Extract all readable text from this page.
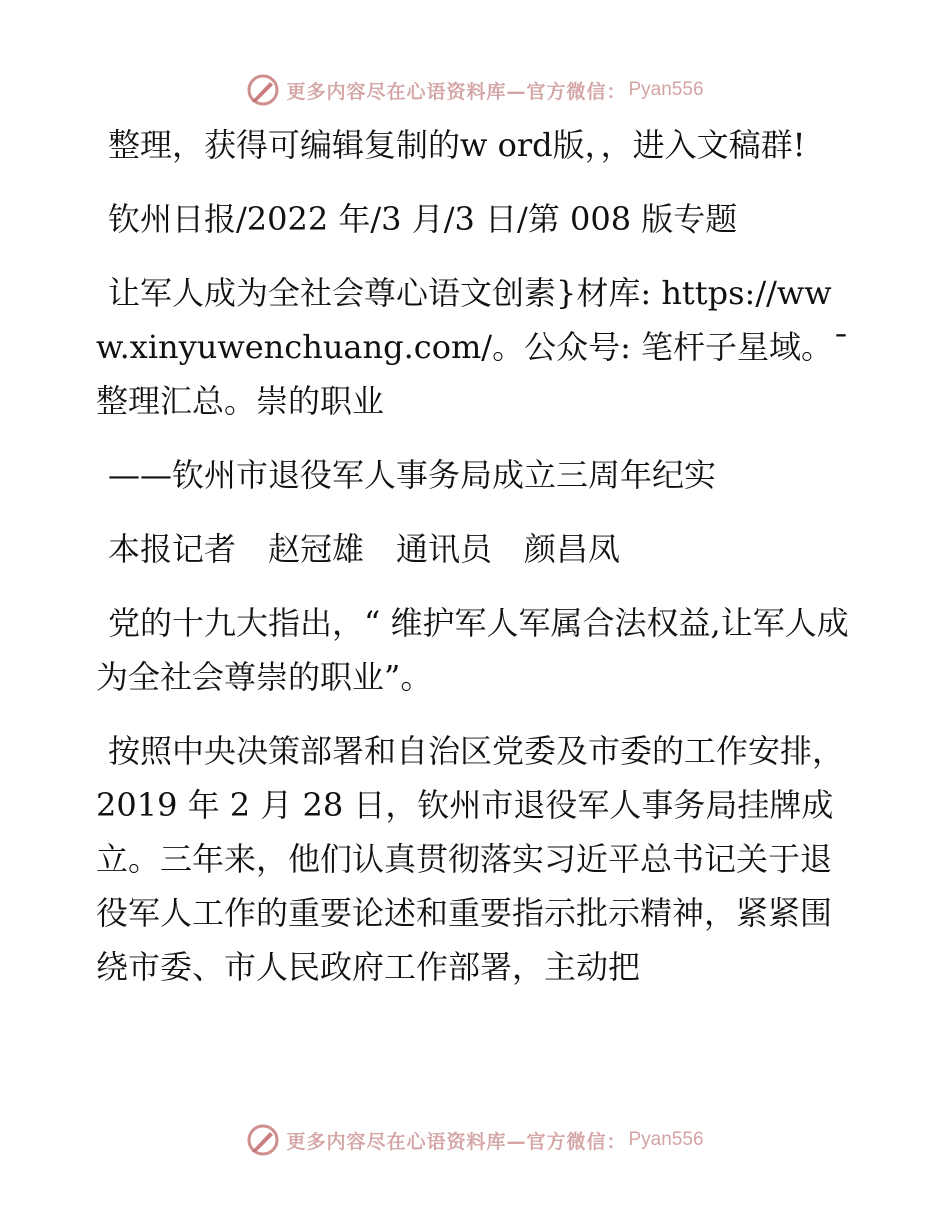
更多内容尽在心语资料库—官方微信： Pyan556

整理，获得可编辑复制的w ord版，，进入文稿群!

钦州日报/2022 年/3 月/3 日/第 008 版专题

让军人成为全社会尊心语文创素}材库: https://www.xinyuwenchuang.com/。公众号: 笔杆子星域。¯整理汇总。崇的职业

——钦州市退役军人事务局成立三周年纪实

本报记者　赵冠雄　通讯员　颜昌凤

党的十九大指出，“ 维护军人军属合法权益,让军人成为全社会尊崇的职业”。

按照中央决策部署和自治区党委及市委的工作安排，2019 年 2 月 28 日，钦州市退役军人事务局挂牌成立。三年来，他们认真贯彻落实习近平总书记关于退役军人工作的重要论述和重要指示批示精神，紧紧围绕市委、市人民政府工作部署，主动把

更多内容尽在心语资料库—官方微信： Pyan556
